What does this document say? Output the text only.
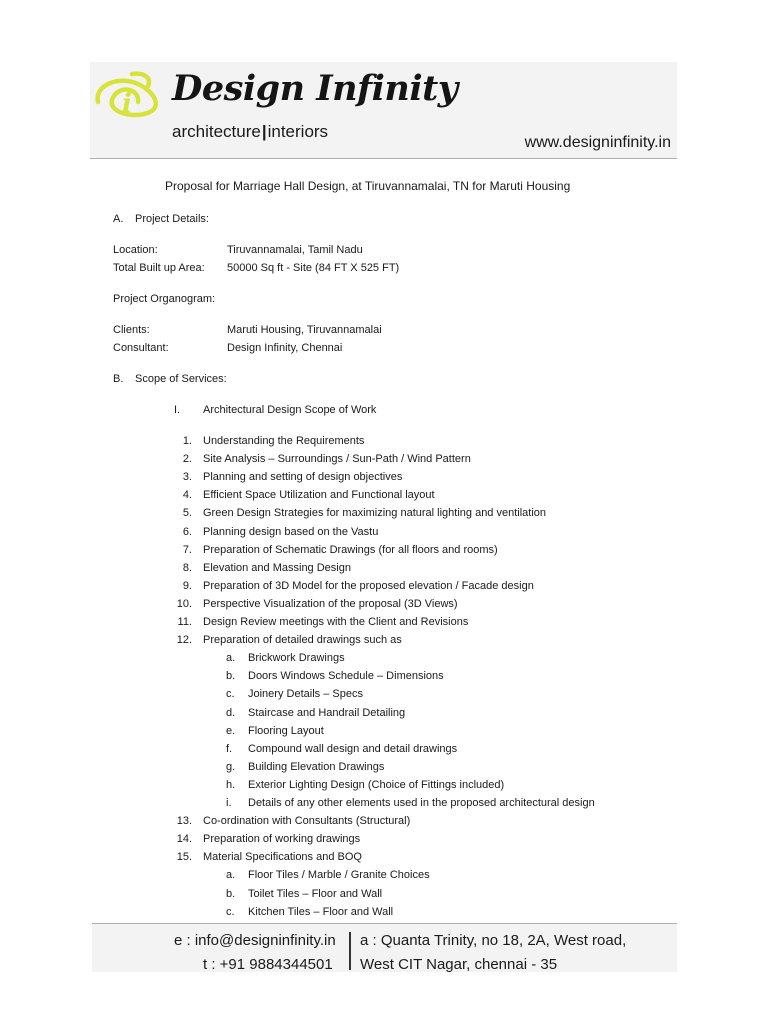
i Design Infinity
architecture|interiors
www.designinfinity.in
Proposal for Marriage Hall Design, at Tiruvannamalai, TN for Maruti Housing
A. Project Details:
Location:	Tiruvannamalai, Tamil Nadu
Total Built up Area: 50000 Sq ft - Site (84 FT X 525 FT)
Project Organogram:
Clients:	Maruti Housing, Tiruvannamalai
Consultant:	Design Infinity, Chennai
B. Scope of Services:
I. Architectural Design Scope of Work
1. Understanding the Requirements
2. Site Analysis – Surroundings / Sun-Path / Wind Pattern
3. Planning and setting of design objectives
4. Efficient Space Utilization and Functional layout
5. Green Design Strategies for maximizing natural lighting and ventilation
6. Planning design based on the Vastu
7. Preparation of Schematic Drawings (for all floors and rooms)
8. Elevation and Massing Design
9. Preparation of 3D Model for the proposed elevation / Facade design
10. Perspective Visualization of the proposal (3D Views)
11. Design Review meetings with the Client and Revisions
12. Preparation of detailed drawings such as
a. Brickwork Drawings
b. Doors Windows Schedule – Dimensions
c. Joinery Details – Specs
d. Staircase and Handrail Detailing
e. Flooring Layout
f. Compound wall design and detail drawings
g. Building Elevation Drawings
h. Exterior Lighting Design (Choice of Fittings included)
i. Details of any other elements used in the proposed architectural design
13. Co-ordination with Consultants (Structural)
14. Preparation of working drawings
15. Material Specifications and BOQ
a. Floor Tiles / Marble / Granite Choices
b. Toilet Tiles – Floor and Wall
c. Kitchen Tiles – Floor and Wall
e : info@designinfinity.in
t : +91 9884344501
a : Quanta Trinity, no 18, 2A, West road,
West CIT Nagar, chennai - 35
